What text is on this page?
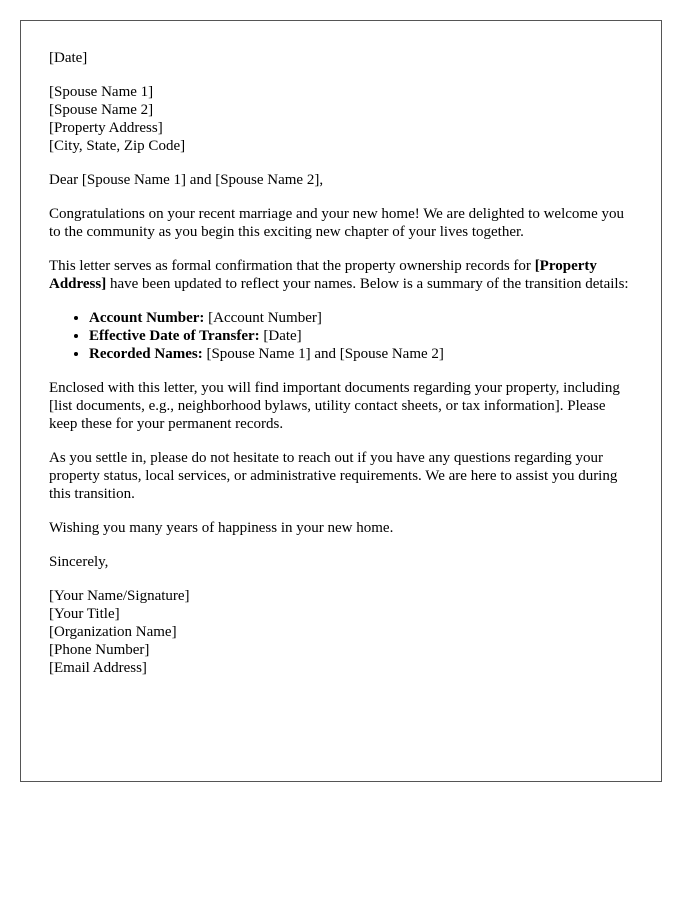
[Date]
[Spouse Name 1]
[Spouse Name 2]
[Property Address]
[City, State, Zip Code]

Dear [Spouse Name 1] and [Spouse Name 2],

Congratulations on your recent marriage and your new home! We are delighted to welcome you to the community as you begin this exciting new chapter of your lives together.

This letter serves as formal confirmation that the property ownership records for [Property Address] have been updated to reflect your names. Below is a summary of the transition details:

• Account Number: [Account Number]
• Effective Date of Transfer: [Date]
• Recorded Names: [Spouse Name 1] and [Spouse Name 2]

Enclosed with this letter, you will find important documents regarding your property, including [list documents, e.g., neighborhood bylaws, utility contact sheets, or tax information]. Please keep these for your permanent records.

As you settle in, please do not hesitate to reach out if you have any questions regarding your property status, local services, or administrative requirements. We are here to assist you during this transition.

Wishing you many years of happiness in your new home.

Sincerely,

[Your Name/Signature]
[Your Title]
[Organization Name]
[Phone Number]
[Email Address]
